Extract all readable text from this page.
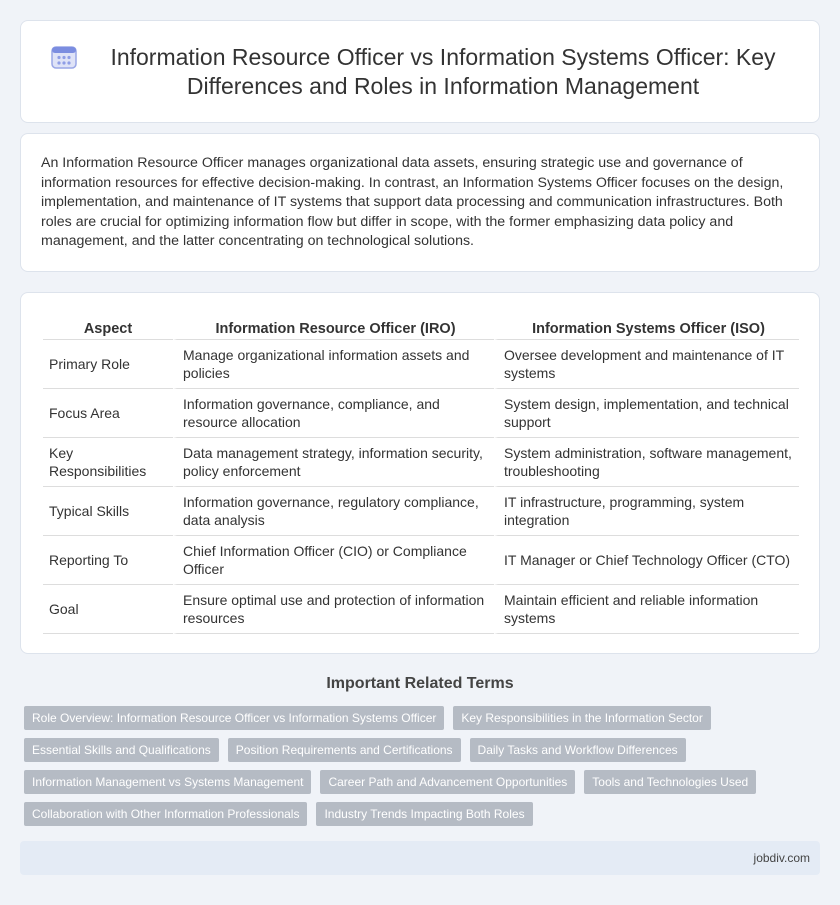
Information Resource Officer vs Information Systems Officer: Key Differences and Roles in Information Management

An Information Resource Officer manages organizational data assets, ensuring strategic use and governance of information resources for effective decision-making. In contrast, an Information Systems Officer focuses on the design, implementation, and maintenance of IT systems that support data processing and communication infrastructures. Both roles are crucial for optimizing information flow but differ in scope, with the former emphasizing data policy and management, and the latter concentrating on technological solutions.

Aspect	Information Resource Officer (IRO)	Information Systems Officer (ISO)
Primary Role	Manage organizational information assets and policies	Oversee development and maintenance of IT systems
Focus Area	Information governance, compliance, and resource allocation	System design, implementation, and technical support
Key Responsibilities	Data management strategy, information security, policy enforcement	System administration, software management, troubleshooting
Typical Skills	Information governance, regulatory compliance, data analysis	IT infrastructure, programming, system integration
Reporting To	Chief Information Officer (CIO) or Compliance Officer	IT Manager or Chief Technology Officer (CTO)
Goal	Ensure optimal use and protection of information resources	Maintain efficient and reliable information systems
Important Related Terms
Role Overview: Information Resource Officer vs Information Systems Officer	Key Responsibilities in the Information Sector
Essential Skills and Qualifications	Position Requirements and Certifications	Daily Tasks and Workflow Differences
Information Management vs Systems Management	Career Path and Advancement Opportunities	Tools and Technologies Used
Collaboration with Other Information Professionals	Industry Trends Impacting Both Roles
jobdiv.com
